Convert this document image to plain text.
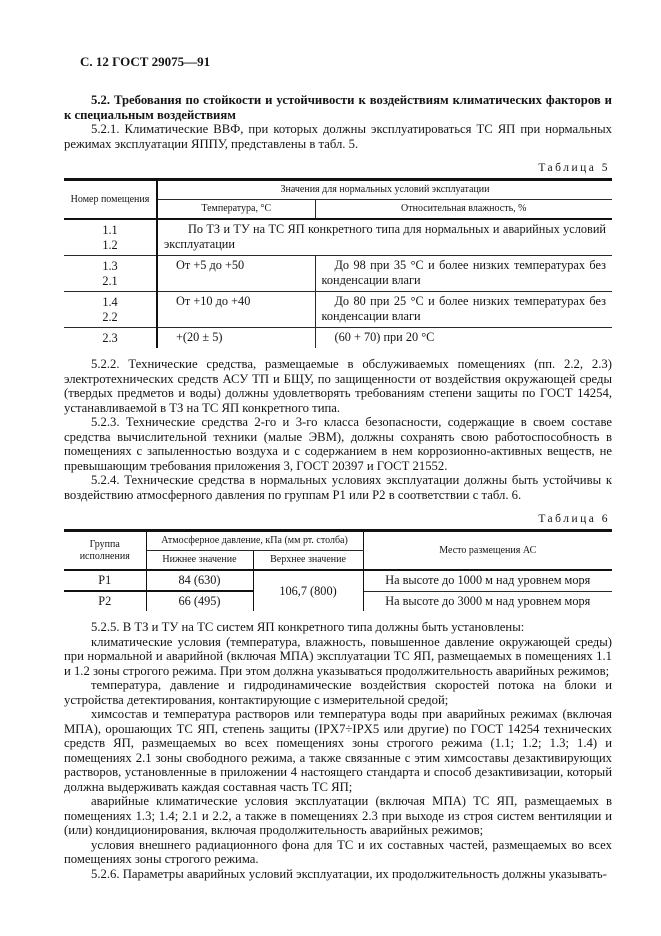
С. 12 ГОСТ 29075—91

5.2. Требования по стойкости и устойчивости к воздействиям климатических факторов и к специальным воздействиям

5.2.1. Климатические ВВФ, при которых должны эксплуатироваться ТС ЯП при нормальных режимах эксплуатации ЯППУ, представлены в табл. 5.

Таблица 5
Номер помещения	Значения для нормальных условий эксплуатации	
	Температура, °С	Относительная влажность, %

1.1
1.2	По ТЗ и ТУ на ТС ЯП конкретного типа для нормальных и аварийных условий эксплуатации	

1.3
2.1	От +5 до +50	До 98 при 35 °С и более низких температурах без конденсации влаги

1.4
2.2	От +10 до +40	До 80 при 25 °С и более низких температурах без конденсации влаги

2.3	+(20 ± 5)	(60 + 70) при 20 °С

5.2.2. Технические средства, размещаемые в обслуживаемых помещениях (пп. 2.2, 2.3) электротехнических средств АСУ ТП и БЩУ, по защищенности от воздействия окружающей среды (твердых предметов и воды) должны удовлетворять требованиям степени защиты по ГОСТ 14254, устанавливаемой в ТЗ на ТС ЯП конкретного типа.

5.2.3. Технические средства 2-го и 3-го класса безопасности, содержащие в своем составе средства вычислительной техники (малые ЭВМ), должны сохранять свою работоспособность в помещениях с запыленностью воздуха и с содержанием в нем коррозионно-активных веществ, не превышающим требования приложения 3, ГОСТ 20397 и ГОСТ 21552.

5.2.4. Технические средства в нормальных условиях эксплуатации должны быть устойчивы к воздействию атмосферного давления по группам Р1 или Р2 в соответствии с табл. 6.

Таблица 6
Группа исполнения	Атмосферное давление, кПа (мм рт. столба)		Место размещения АС
	Нижнее значение	Верхнее значение	
Р1	84 (630)	106,7 (800)	На высоте до 1000 м над уровнем моря
Р2	66 (495)		На высоте до 3000 м над уровнем моря

5.2.5. В ТЗ и ТУ на ТС систем ЯП конкретного типа должны быть установлены:

климатические условия (температура, влажность, повышенное давление окружающей среды) при нормальной и аварийной (включая МПА) эксплуатации ТС ЯП, размещаемых в помещениях 1.1 и 1.2 зоны строгого режима. При этом должна указываться продолжительность аварийных режимов;

температура, давление и гидродинамические воздействия скоростей потока на блоки и устройства детектирования, контактирующие с измерительной средой;

химсостав и температура растворов или температура воды при аварийных режимах (включая МПА), орошающих ТС ЯП, степень защиты (IPX7÷IPX5 или другие) по ГОСТ 14254 технических средств ЯП, размещаемых во всех помещениях зоны строгого режима (1.1; 1.2; 1.3; 1.4) и помещениях 2.1 зоны свободного режима, а также связанные с этим химсоставы дезактивирующих растворов, установленные в приложении 4 настоящего стандарта и способ дезактивизации, который должна выдерживать каждая составная часть ТС ЯП;

аварийные климатические условия эксплуатации (включая МПА) ТС ЯП, размещаемых в помещениях 1.3; 1.4; 2.1 и 2.2, а также в помещениях 2.3 при выходе из строя систем вентиляции и (или) кондиционирования, включая продолжительность аварийных режимов;

условия внешнего радиационного фона для ТС и их составных частей, размещаемых во всех помещениях зоны строгого режима.

5.2.6. Параметры аварийных условий эксплуатации, их продолжительность должны указывать-
